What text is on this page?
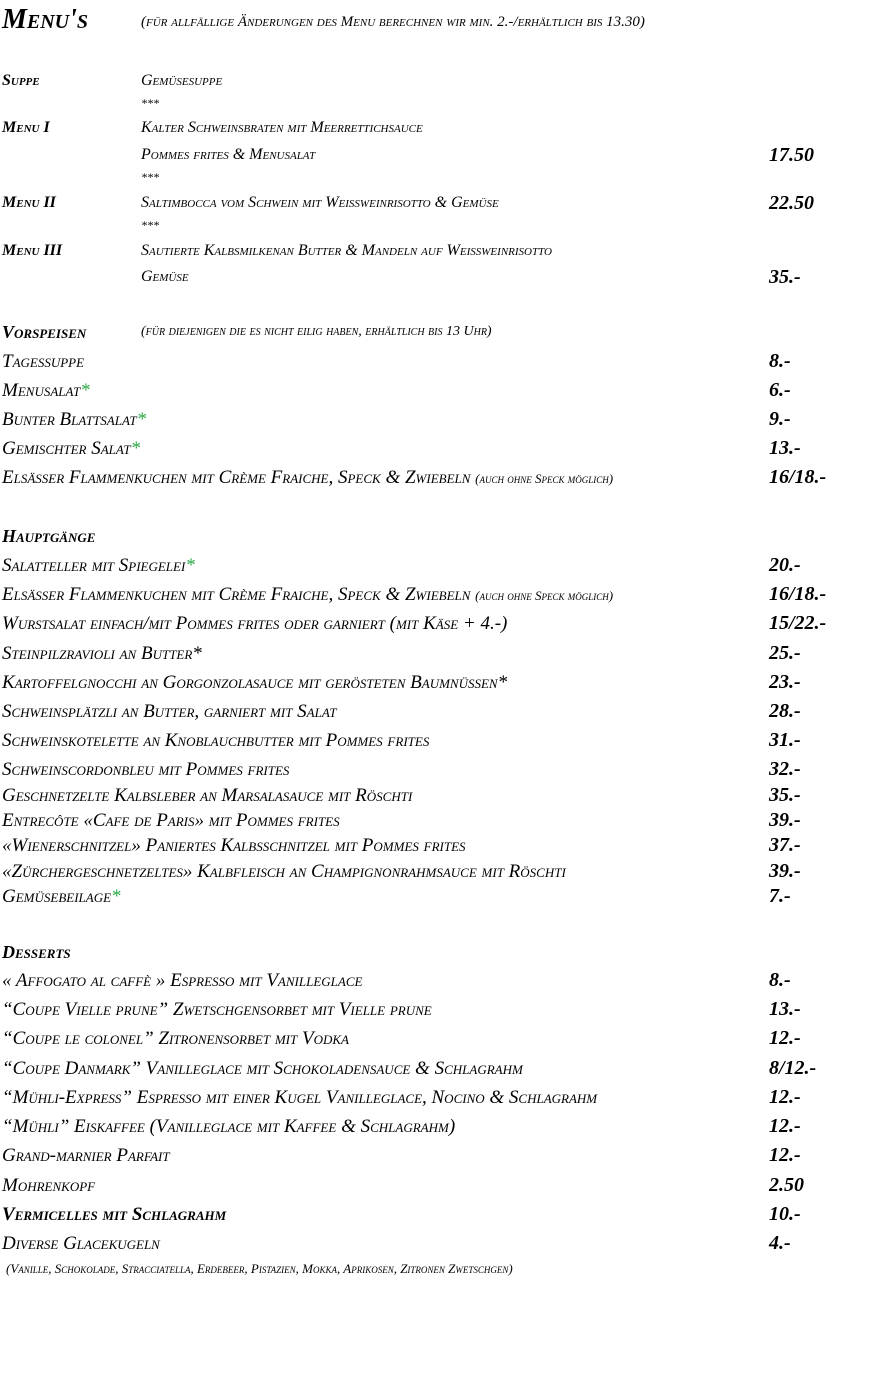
Menu's	(für allfällige Änderungen des Menu berechnen wir min. 2.-/erhältlich bis 13.30)
Suppe	Gemüsesuppe
***
Menu I	Kalter Schweinsbraten mit Meerrettichsauce
Pommes frites & Menusalat	17.50
***
Menu II	Saltimbocca vom Schwein mit Weissweinrisotto & Gemüse	22.50
***
Menu III	Sautierte Kalbsmilkenan Butter & Mandeln auf Weissweinrisotto
Gemüse	35.-
Vorspeisen	(für diejenigen die es nicht eilig haben, erhältlich bis 13 Uhr)
Tagessuppe	8.-
Menusalat*	6.-
Bunter Blattsalat*	9.-
Gemischter Salat*	13.-
Elsässer Flammenkuchen mit Crème Fraiche, Speck & Zwiebeln (auch ohne Speck möglich)	16/18.-
Hauptgänge
Salatteller mit Spiegelei*	20.-
Elsässer Flammenkuchen mit Crème Fraiche, Speck & Zwiebeln (auch ohne Speck möglich)	16/18.-
Wurstsalat einfach/mit Pommes frites oder garniert (mit Käse + 4.-)	15/22.-
Steinpilzravioli an Butter*	25.-
Kartoffelgnocchi an Gorgonzolasauce mit gerösteten Baumnüssen*	23.-
Schweinsplätzli an Butter, garniert mit Salat	28.-
Schweinskotelette an Knoblauchbutter mit Pommes frites	31.-
Schweinscordonbleu mit Pommes frites	32.-
Geschnetzelte Kalbsleber an Marsalasauce mit Röschti	35.-
Entrecôte «Cafe de Paris» mit Pommes frites	39.-
«Wienerschnitzel» Paniertes Kalbsschnitzel mit Pommes frites	37.-
«Zürchergeschnetzeltes» Kalbfleisch an Champignonrahmsauce mit Röschti	39.-
Gemüsebeilage*	7.-
Desserts
« Affogato al caffè » Espresso mit Vanilleglace	8.-
“Coupe Vielle prune” Zwetschgensorbet mit Vielle prune	13.-
“Coupe le colonel” Zitronensorbet mit Vodka	12.-
“Coupe Danmark” Vanilleglace mit Schokoladensauce & Schlagrahm	8/12.-
“Mühli-Express” Espresso mit einer Kugel Vanilleglace, Nocino & Schlagrahm	12.-
“Mühli” Eiskaffee (Vanilleglace mit Kaffee & Schlagrahm)	12.-
Grand-marnier Parfait	12.-
Mohrenkopf	2.50
Vermicelles mit Schlagrahm	10.-
Diverse Glacekugeln	4.-
(Vanille, Schokolade, Stracciatella, Erdebeer, Pistazien, Mokka, Aprikosen, Zitronen Zwetschgen)
